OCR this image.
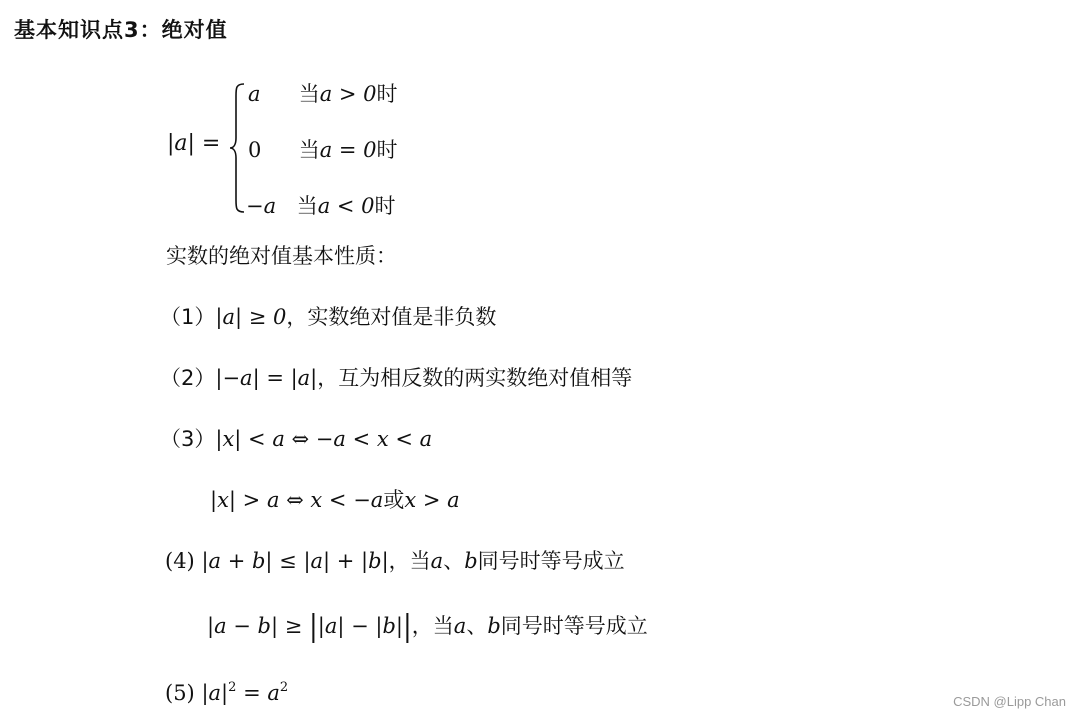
基本知识点3：绝对值
|a| =
a 当a > 0时
0 当a = 0时
−a 当a < 0时
实数的绝对值基本性质：
（1）|a| ≥ 0，实数绝对值是非负数
（2）|−a| = |a|，互为相反数的两实数绝对值相等
（3）|x| < a ⇔ −a < x < a
|x| > a ⇔ x < −a或x > a
(4) |a + b| ≤ |a| + |b|，当a、b同号时等号成立
|a − b| ≥ ||a| − |b||，当a、b同号时等号成立
(5) $|a|^2 = a^2$
CSDN @Lipp Chan
